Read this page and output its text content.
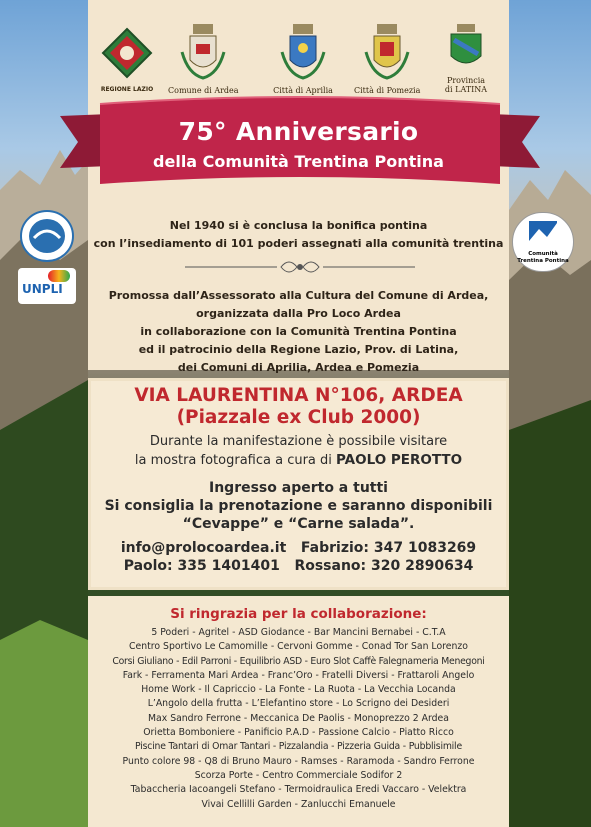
REGIONE LAZIO	Comune di Ardea	Città di Aprilia	Città di Pomezia
Provincia
di LATINA
75° Anniversario
della Comunità Trentina Pontina
Nel 1940 si è conclusa la bonifica pontina
con l’insediamento di 101 poderi assegnati alla comunità trentina
Promossa dall’Assessorato alla Cultura del Comune di Ardea,
organizzata dalla Pro Loco Ardea
in collaborazione con la Comunità Trentina Pontina
ed il patrocinio della Regione Lazio, Prov. di Latina,
dei Comuni di Aprilia, Ardea e Pomezia
UNPLI
Comunità Trentina Pontina
VIA LAURENTINA N°106, ARDEA
(Piazzale ex Club 2000)
Durante la manifestazione è possibile visitare
la mostra fotografica a cura di PAOLO PEROTTO
Ingresso aperto a tutti
Si consiglia la prenotazione e saranno disponibili
“Cevappe” e “Carne salada”.
info@prolocoardea.it Fabrizio: 347 1083269
Paolo: 335 1401401 Rossano: 320 2890634
Si ringrazia per la collaborazione:
5 Poderi - Agritel - ASD Giodance - Bar Mancini Bernabei - C.T.A
Centro Sportivo Le Camomille - Cervoni Gomme - Conad Tor San Lorenzo
Corsi Giuliano - Edil Parroni - Equilibrio ASD - Euro Slot Caffè Falegnameria Menegoni
Fark - Ferramenta Mari Ardea - Franc’Oro - Fratelli Diversi - Frattaroli Angelo
Home Work - Il Capriccio - La Fonte - La Ruota - La Vecchia Locanda
L’Angolo della frutta - L’Elefantino store - Lo Scrigno dei Desideri
Max Sandro Ferrone - Meccanica De Paolis - Monoprezzo 2 Ardea
Orietta Bomboniere - Panificio P.A.D - Passione Calcio - Piatto Ricco
Piscine Tantari di Omar Tantari - Pizzalandia - Pizzeria Guida - Pubblisimile
Punto colore 98 - Q8 di Bruno Mauro - Ramses - Raramoda - Sandro Ferrone
Scorza Porte - Centro Commerciale Sodifor 2
Tabaccheria Iacoangeli Stefano - Termoidraulica Eredi Vaccaro - Velektra
Vivai Cellilli Garden - Zanlucchi Emanuele
